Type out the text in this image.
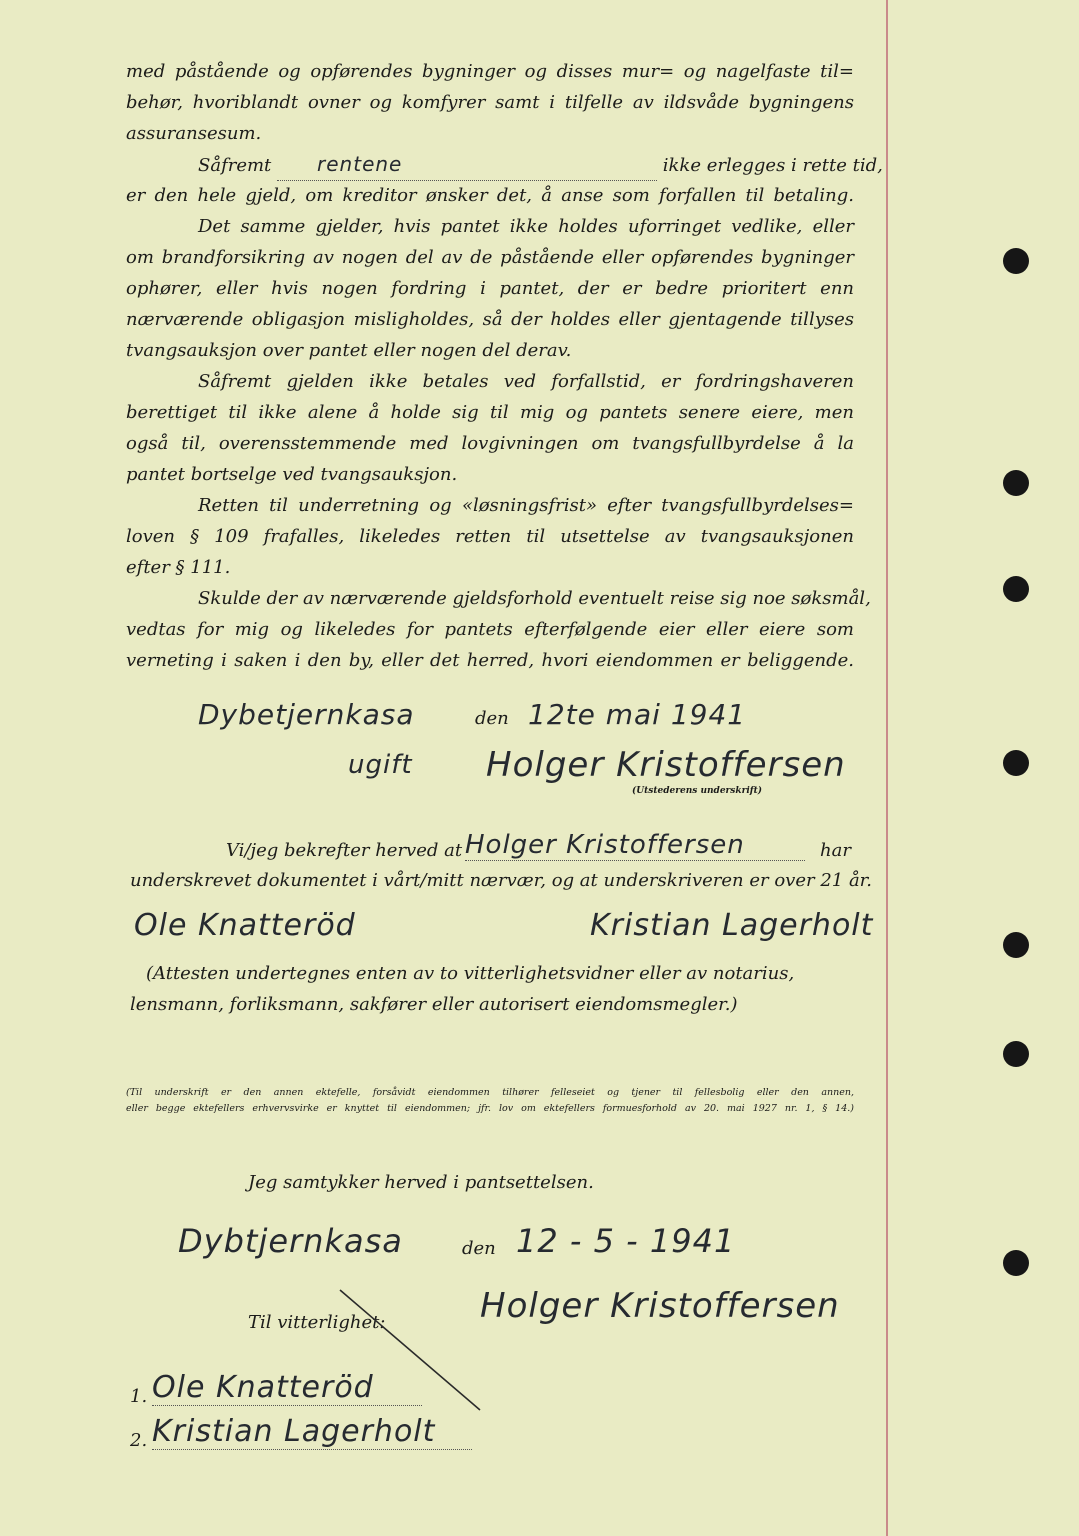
med påstående og opførendes bygninger og disses mur= og nagelfaste til=
behør, hvoriblandt ovner og komfyrer samt i tilfelle av ildsvåde bygningens
assuransesum.
Såfremt rentene	ikke erlegges i rette tid,
er den hele gjeld, om kreditor ønsker det, å anse som forfallen til betaling.
Det samme gjelder, hvis pantet ikke holdes uforringet vedlike, eller
om brandforsikring av nogen del av de påstående eller opførendes bygninger
ophører, eller hvis nogen fordring i pantet, der er bedre prioritert enn
nærværende obligasjon misligholdes, så der holdes eller gjentagende tillyses
tvangsauksjon over pantet eller nogen del derav.
Såfremt gjelden ikke betales ved forfallstid, er fordringshaveren
berettiget til ikke alene å holde sig til mig og pantets senere eiere, men
også til, overensstemmende med lovgivningen om tvangsfullbyrdelse å la
pantet bortselge ved tvangsauksjon.
Retten til underretning og «løsningsfrist» efter tvangsfullbyrdelses=
loven § 109 frafalles, likeledes retten til utsettelse av tvangsauksjonen
efter § 111.
Skulde der av nærværende gjeldsforhold eventuelt reise sig noe søksmål,
vedtas for mig og likeledes for pantets efterfølgende eier eller eiere som
verneting i saken i den by, eller det herred, hvori eiendommen er beliggende.
Dybetjernkasa	den 12te mai 1941
ugift Holger Kristoffersen
(Utstederens underskrift)
Vi/jeg bekrefter herved at Holger Kristoffersen	har
underskrevet dokumentet i vårt/mitt nærvær, og at underskriveren er over 21 år.
Ole Knatteröd	Kristian Lagerholt
(Attesten undertegnes enten av to vitterlighetsvidner eller av notarius,
lensmann, forliksmann, sakfører eller autorisert eiendomsmegler.)
(Til underskrift er den annen ektefelle, forsåvidt eiendommen tilhører felleseiet og tjener til fellesbolig eller den annen,
eller begge ektefellers erhvervsvirke er knyttet til eiendommen; jfr. lov om ektefellers formuesforhold av 20. mai 1927 nr. 1, § 14.)
Jeg samtykker herved i pantsettelsen.
Dybtjernkasa	den 12 - 5 - 1941
Til vitterlighet:	Holger Kristoffersen
1. Ole Knatteröd
2. Kristian Lagerholt
